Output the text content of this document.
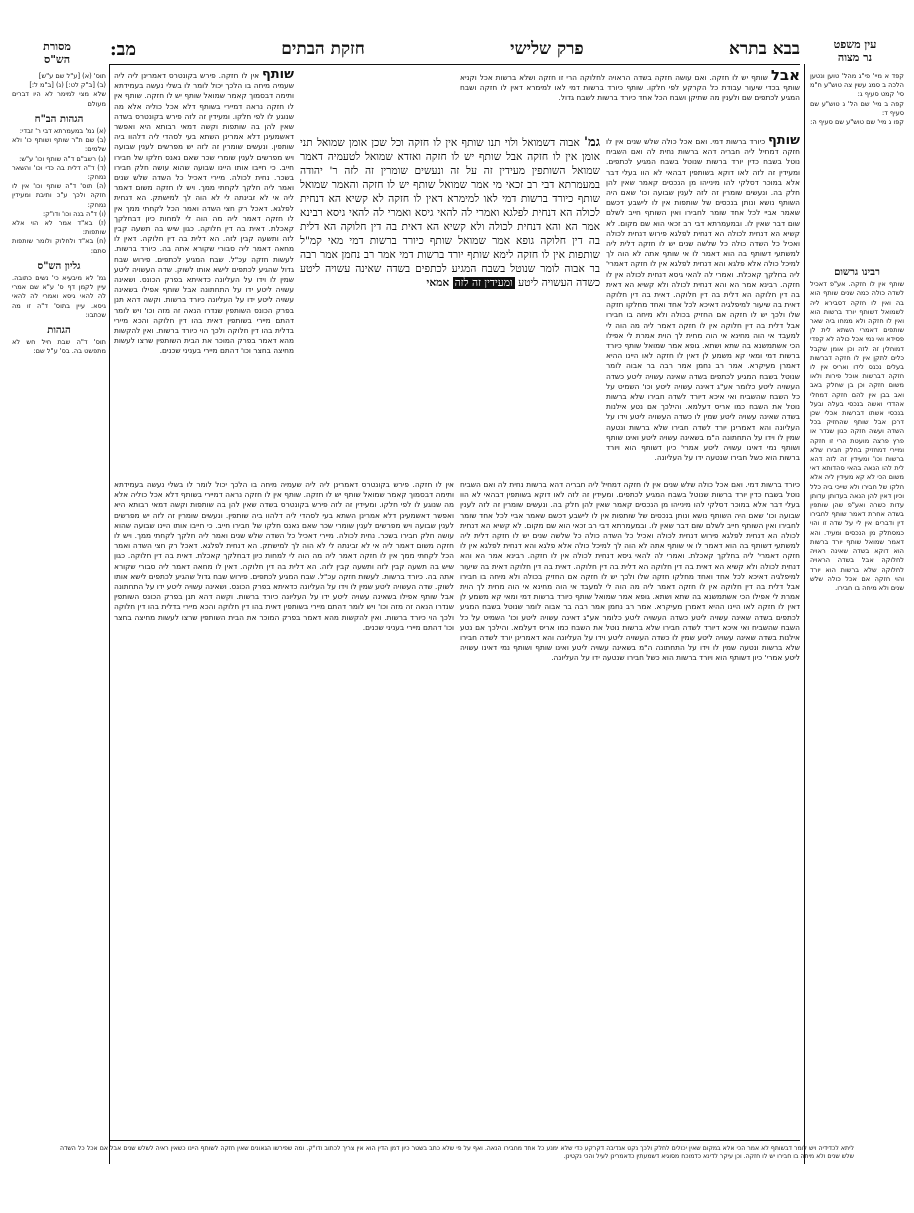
בבא בתרא
פרק שלישי
חזקת הבתים
מב:	עין משפט
נר מצוה
מסורת
הש"ס
קפד א מיי' פי"ג מהל' טוען ונטען הלכה ב סמג עשין צה טוש"ע ח"מ סי' קמט סעיף ג:
קפה ב מיי' שם הל' ג טוש"ע שם סעיף ד:
קפו ג מיי' שם טוש"ע שם סעיף ה:
רבינו גרשום
שותף אין לו חזקה. אע"פ דאכיל לשדה כולה כמה שנים שותף הוא בה ואין לו חזקה דסבירא ליה לשמואל דשותף יורד ברשות הוא ואין לו חזקה ולא ממחו ביה שאר שותפים דאמרי השתא לית לן פסידא ואי נמי אכל כולה לא קפדי דמוחלין זה לזה וכן אומן שקבל כלים לתקן אין לו חזקה דברשות בעלים נכנס לידו ואריס אין לו חזקה דברשות אוכל פירות ולאו משום חזקה וכן בן שחלק באב ואב בבן אין להם חזקה דמחלי אהדדי ואשה בנכסי בעלה ובעל בנכסי אשתו דברשות אכלי שכן דרכן אבל שותף שהחזיק בכל השדה ועשה חזקה כגון שגדר או פרץ פרצה מועטת הרי זו חזקה ומיירי דמחזיק בחלק חבירו שלא ברשות וכו' ומעידין זה לזה דהא לית להו הנאה בהאי סהדותא דאי משום הכי לא קא מעידין ליה אלא חלקו של חבירו ולא שייכי ביה כלל וכיון דאין להן הנאה בעדותן עדותן עדות כשרה ואע"פ שהן שותפין בשדה אחרת דאמר שותף לחבירו דין ודברים אין לי על שדה זו והוי כמסתלק מן הנכסים ומעיד. והא דאמר שמואל שותף יורד ברשות הוא דוקא בשדה שאינה ראויה לחלוקה אבל בשדה הראויה לחלוקה שלא ברשות הוא יורד והוי חזקה אם אכל כולה שלש שנים ולא מיחה בו חבירו.
תוס' (א) [ע"ל שם ע"ש]
(ב) [ב"ק לט:] (ג) [ב"מ ל:]
שלא מצי למימר לא היו דברים מעולם
הגהות הב"ח
(א) גמ' במעמרתא דבי ר' זבדי:
(ב) שם ת"ר שותף ושותף כו' ולא שלמים:
(ג) רשב"ם ד"ה שותף וכו' ע"ש:
(ד) ד"ה דלית בה כדי וכו' והשאר נמחק:
(ה) תוס' ד"ה שותף וכו' אין לו חזקה ולכך ע"כ ותיבת ומעידין נמחק:
(ו) ד"ה בנה וכו' ודו"ק:
(ז) בא"ד אמר לא הוי אלא שותפות:
(ח) בא"ד ולחלוק ולומר שותפות סתם:
גליון הש"ס
גמ' לא מיבעיא כי' נשים כתובה. עיין לקמן דף ס' ע"א שם אמרי לה להאי גיסא ואמרי לה להאי גיסא. עיין בתוס' ד"ה זו מה שכתבו:
הגהות
תוס' ד"ה שבת חיל חש לא מתפשט בה. בס' ע"ל שם:
אבל שותף יש לו חזקה. ואם עושה חזקה בשדה הראויה לחלוקה הרי זו חזקה ושלא ברשות אכל וקניא שותף בכדי שיעור עבודת כל הקרקע לפי חלקו. שותף כיורד ברשות דמי לאו למימרא דאין לו חזקה ושבח המגיע לכתפים שם ולענין מה שתיקן ושבח הכל אחד כיורד ברשות לשבח גדול.
שותף כיורד ברשות דמי. ואם אכל כולה שלש שנים אין לו חזקה דמחיל ליה חבריה דהא ברשות נחית לה ואם השביח נוטל בשבח כדין יורד ברשות שנוטל בשבח המגיע לכתפים. ומעידין זה לזה לאו דוקא בשותפין דבהאי לא הוו בעלי דבר אלא במוכר דסלקי להו מינייהו מן הנכסים קאמר שאין להן חלק בה. ונעשים שומרין זה לזה לענין שבועה וכו' שאם היה השותף נושא ונותן בנכסים של שותפות אין לו לישבע דכשם שאמר אביי לכל אחד שומר לחבירו ואין השותף חייב לשלם שום דבר שאין לו. ובמעמרתא דבי רב זכאי הוא שם מקום. לא קשיא הא דנחית לכולה הא דנחית לפלגא פירוש דנחית לכולה ואכיל כל השדה כולה כל שלשה שנים יש לו חזקה דלית ליה למשתעי דשותף בה הוא דאמר לו אי שותף אתה לא הוה לך למיכל כולה אלא פלגא והא דנחית לפלגא אין לו חזקה דאמרי' ליה בחלקך קאכלת. ואמרי לה להאי גיסא דנחית לכולה אין לו חזקה. רבינא אמר הא והא דנחית לכולה ולא קשיא הא דאית בה דין חלוקה הא דלית בה דין חלוקה. דאית בה דין חלוקה דאית בה שיעור למיפלגיה דאיכא לכל אחד ואחד מחלקו חזקה שלו ולכך יש לו חזקה אם החזיק בכולה ולא מיחה בו חבירו אבל דלית בה דין חלוקה אין לו חזקה דאמר ליה מה הוה לי למעבד אי הוה מחינא אי הוה מחית לך הוית אמרת לי אפילו הכי אשתמשנא בה שתא ושתא. גופא אמר שמואל שותף כיורד ברשות דמי ומאי קא משמע לן דאין לו חזקה לאו היינו ההיא דאמרן מעיקרא. אמר רב נחמן אמר רבה בר אבוה לומר שנוטל בשבח המגיע לכתפים בשדה שאינה עשויה ליטע כשדה העשויה ליטע כלומר אע"ג דאינה עשויה ליטע וכו' השמיט על כל השבח שהשביח ואי איכא דיורד לשדה חבירו שלא ברשות נוטל את השבח כמו אריס דעלמא. והילכך אם נטע אילנות בשדה שאינה עשויה ליטע שמין לו כשדה העשויה ליטע וידו על העליונה והא דאמרינן יורד לשדה חבירו שלא ברשות ונטעה שמין לו וידו על התחתונה ה"מ בשאינה עשויה ליטע ואינו שותף ושותף נמי דאינו עשויה ליטע אמרי' כיון דשותף הוא ויורד ברשות הוא כשל חבירו שנטעה ידו על העליונה.
גמ' אבוה דשמואל ולוי תנו שותף אין לו חזקה וכל שכן אומן שמואל תני אומן אין לו חזקה אבל שותף יש לו חזקה ואזדא שמואל לטעמיה דאמר שמואל השותפין מעידין זה על זה ונעשים שומרין זה לזה ר' יהודה במעמרתא דבי רב זכאי מי אמר שמואל שותף יש לו חזקה והאמר שמואל שותף כיורד ברשות דמי לאו למימרא דאין לו חזקה לא קשיא הא דנחית לכולה הא דנחית לפלגא ואמרי לה להאי גיסא ואמרי לה להאי גיסא רבינא אמר הא והא דנחית לכולה ולא קשיא הא דאית בה דין חלוקה הא דלית בה דין חלוקה גופא אמר שמואל שותף כיורד ברשות דמי מאי קמ"ל שותפות אין לו חזקה לימא שותף יורד ברשות דמי אמר רב נחמן אמר רבה בר אבוה לומר שנוטל בשבח המגיע לכתפים בשדה שאינה עשויה ליטע כשדה העשויה ליטע ומעידין זה לזה אמאי
שותף אין לו חזקה. פירש בקונטרס דאמרינן ליה ליה שעמיה מיחה בו הלכך יכול לומר לו בשלי נעשה בעמידתא ותימה דבסמוך קאמר שמואל שותף יש לו חזקה. שותף אין לו חזקה נראה דמיירי בשותף דלא אכל כוליה אלא מה שנוגע לו לפי חלקו. ומעידין זה לזה פירש בקונטרס בשדה שאין להן בה שותפות וקשה דמאי רבותא היא ואפשר דאשמעינן דלא אמרינן השתא בעי לסהדי ליה דלהוו ביה שותפין. ונעשים שומרין זה לזה יש מפרשים לענין שבועה ויש מפרשים לענין שומרי שכר שאם נאנס חלקו של חבירו חייב. כי חייבו אותו היינו שבועה שהוא עושה חלק חבירו בשכר. נחית לכולה. מיירי דאכיל כל השדה שלש שנים ואמר ליה חלקך לקחתי ממך. ויש לו חזקה משום דאמר ליה אי לא זבינתה לי לא הוה לך למישתק. הא דנחית לפלגא. דאכל רק חצי השדה ואמר הכל לקחתי ממך אין לו חזקה דאמר ליה מה הוה לי למחות כיון דבחלקך קאכלת. דאית בה דין חלוקה. כגון שיש בה תשעה קבין לזה ותשעה קבין לזה. הא דלית בה דין חלוקה. דאין לו מחאה דאמר ליה סבורי שקורא אתה בה. כיורד ברשות. לעשות חזקה עכ"ל. שבח המגיע לכתפים. פירוש שבח גדול שהגיע לכתפים לישא אותו לשוק. שדה העשויה ליטע שמין לו וידו על העליונה כדאיתא בפרק הכונס. ושאינה עשויה ליטע ידו על התחתונה אבל שותף אפילו בשאינה עשויה ליטע ידו על העליונה כיורד ברשות. וקשה דהא תנן בפרק הכונס השותפין שנדרו הנאה זה מזה וכו' ויש לומר דהתם מיירי בשותפין דאית בהו דין חלוקה והכא מיירי בדלית בהו דין חלוקה ולכך הוי כיורד ברשות. ואין להקשות מהא דאמר בפרק המוכר את הבית השותפין שרצו לעשות מחיצה בחצר וכו' דהתם מיירי בעניני שכנים.
כיורד ברשות דמי. ואם אכל כולה שלש שנים אין לו חזקה דמחיל ליה חבריה דהא ברשות נחית לה ואם השביח נוטל בשבח כדין יורד ברשות שנוטל בשבח המגיע לכתפים. ומעידין זה לזה לאו דוקא בשותפין דבהאי לא הוו בעלי דבר אלא במוכר דסלקי להו מינייהו מן הנכסים קאמר שאין להן חלק בה. ונעשים שומרין זה לזה לענין שבועה וכו' שאם היה השותף נושא ונותן בנכסים של שותפות אין לו לישבע דכשם שאמר אביי לכל אחד שומר לחבירו ואין השותף חייב לשלם שום דבר שאין לו. ובמעמרתא דבי רב זכאי הוא שם מקום. לא קשיא הא דנחית לכולה הא דנחית לפלגא פירוש דנחית לכולה ואכיל כל השדה כולה כל שלשה שנים יש לו חזקה דלית ליה למשתעי דשותף בה הוא דאמר לו אי שותף אתה לא הוה לך למיכל כולה אלא פלגא והא דנחית לפלגא אין לו חזקה דאמרי' ליה בחלקך קאכלת. ואמרי לה להאי גיסא דנחית לכולה אין לו חזקה. רבינא אמר הא והא דנחית לכולה ולא קשיא הא דאית בה דין חלוקה הא דלית בה דין חלוקה. דאית בה דין חלוקה דאית בה שיעור למיפלגיה דאיכא לכל אחד ואחד מחלקו חזקה שלו ולכך יש לו חזקה אם החזיק בכולה ולא מיחה בו חבירו אבל דלית בה דין חלוקה אין לו חזקה דאמר ליה מה הוה לי למעבד אי הוה מחינא אי הוה מחית לך הוית אמרת לי אפילו הכי אשתמשנא בה שתא ושתא. גופא אמר שמואל שותף כיורד ברשות דמי ומאי קא משמע לן דאין לו חזקה לאו היינו ההיא דאמרן מעיקרא. אמר רב נחמן אמר רבה בר אבוה לומר שנוטל בשבח המגיע לכתפים בשדה שאינה עשויה ליטע כשדה העשויה ליטע כלומר אע"ג דאינה עשויה ליטע וכו' השמיט על כל השבח שהשביח ואי איכא דיורד לשדה חבירו שלא ברשות נוטל את השבח כמו אריס דעלמא. והילכך אם נטע אילנות בשדה שאינה עשויה ליטע שמין לו כשדה העשויה ליטע וידו על העליונה והא דאמרינן יורד לשדה חבירו שלא ברשות ונטעה שמין לו וידו על התחתונה ה"מ בשאינה עשויה ליטע ואינו שותף ושותף נמי דאינו עשויה ליטע אמרי' כיון דשותף הוא ויורד ברשות הוא כשל חבירו שנטעה ידו על העליונה.
אין לו חזקה. פירש בקונטרס דאמרינן ליה ליה שעמיה מיחה בו הלכך יכול לומר לו בשלי נעשה בעמידתא ותימה דבסמוך קאמר שמואל שותף יש לו חזקה. שותף אין לו חזקה נראה דמיירי בשותף דלא אכל כוליה אלא מה שנוגע לו לפי חלקו. ומעידין זה לזה פירש בקונטרס בשדה שאין להן בה שותפות וקשה דמאי רבותא היא ואפשר דאשמעינן דלא אמרינן השתא בעי לסהדי ליה דלהוו ביה שותפין. ונעשים שומרין זה לזה יש מפרשים לענין שבועה ויש מפרשים לענין שומרי שכר שאם נאנס חלקו של חבירו חייב. כי חייבו אותו היינו שבועה שהוא עושה חלק חבירו בשכר. נחית לכולה. מיירי דאכיל כל השדה שלש שנים ואמר ליה חלקך לקחתי ממך. ויש לו חזקה משום דאמר ליה אי לא זבינתה לי לא הוה לך למישתק. הא דנחית לפלגא. דאכל רק חצי השדה ואמר הכל לקחתי ממך אין לו חזקה דאמר ליה מה הוה לי למחות כיון דבחלקך קאכלת. דאית בה דין חלוקה. כגון שיש בה תשעה קבין לזה ותשעה קבין לזה. הא דלית בה דין חלוקה. דאין לו מחאה דאמר ליה סבורי שקורא אתה בה. כיורד ברשות. לעשות חזקה עכ"ל. שבח המגיע לכתפים. פירוש שבח גדול שהגיע לכתפים לישא אותו לשוק. שדה העשויה ליטע שמין לו וידו על העליונה כדאיתא בפרק הכונס. ושאינה עשויה ליטע ידו על התחתונה אבל שותף אפילו בשאינה עשויה ליטע ידו על העליונה כיורד ברשות. וקשה דהא תנן בפרק הכונס השותפין שנדרו הנאה זה מזה וכו' ויש לומר דהתם מיירי בשותפין דאית בהו דין חלוקה והכא מיירי בדלית בהו דין חלוקה ולכך הוי כיורד ברשות. ואין להקשות מהא דאמר בפרק המוכר את הבית השותפין שרצו לעשות מחיצה בחצר וכו' דהתם מיירי בעניני שכנים.
ליתא לכדידיה ויש לומר דבשותף לא אמר הכי אלא במקום שאין יכולים לחלק ולכך נקט אנדיבה דקרקע כדי שלא ימנע כל אחד מחבירו הנאה. ואף על פי שלא כתב בשטר כיון דמן הדין הוא אין צריך לכתוב ודו"ק. ומה שפירשו הגאונים שאין חזקה לשותף היינו כשאין ראיה לשלש שנים אבל אם אכל כל השדה שלש שנים ולא מיחה בו חבירו יש לו חזקה. וכן עיקר לדינא כדמוכח מסוגיא דשמעתין כדאמרינן לעיל והכי נקטינן.
